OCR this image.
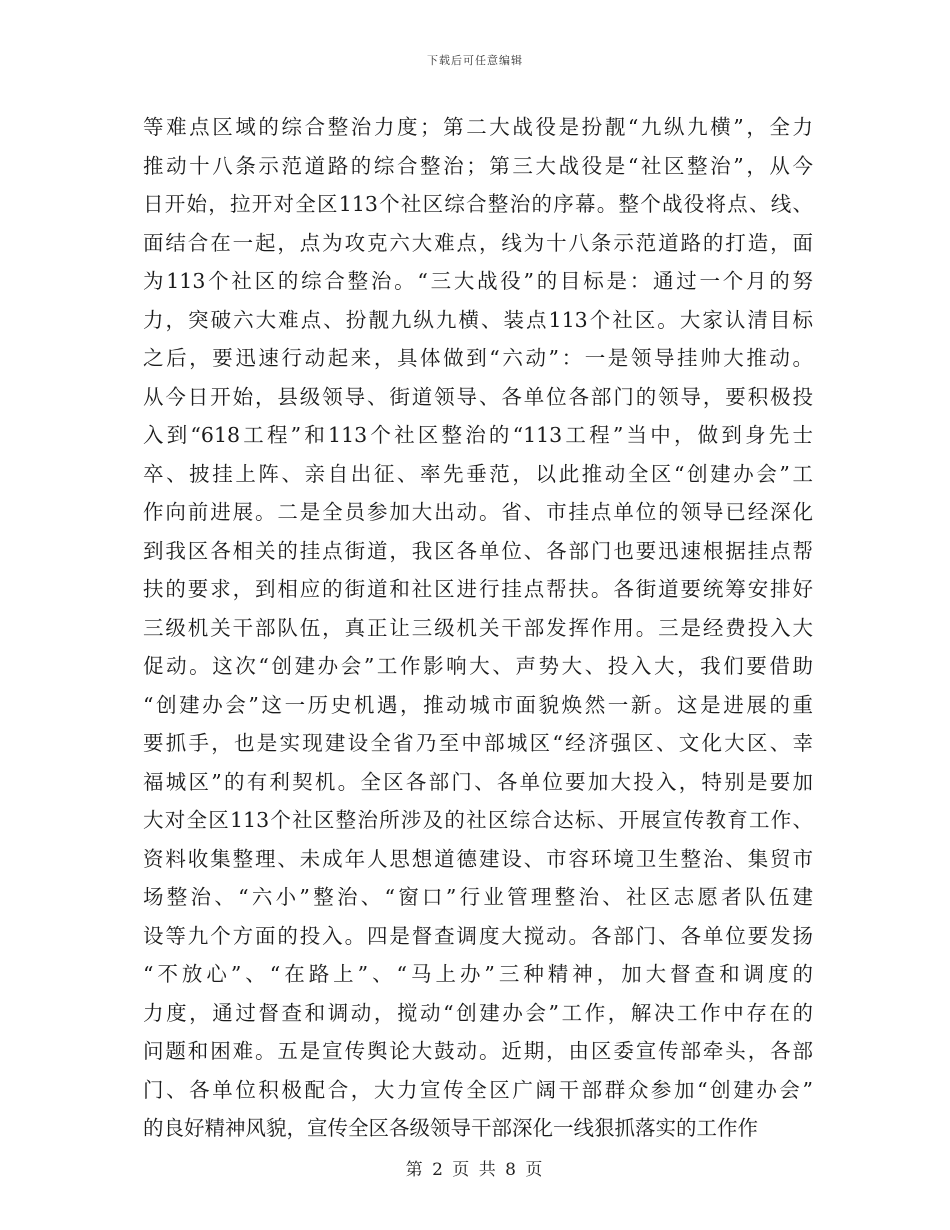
下载后可任意编辑
等难点区域的综合整治力度；第二大战役是扮靓“九纵九横”，全力
推动十八条示范道路的综合整治；第三大战役是“社区整治”，从今
日开始，拉开对全区113个社区综合整治的序幕。整个战役将点、线、
面结合在一起，点为攻克六大难点，线为十八条示范道路的打造，面
为113个社区的综合整治。“三大战役”的目标是：通过一个月的努
力，突破六大难点、扮靓九纵九横、装点113个社区。大家认清目标
之后，要迅速行动起来，具体做到“六动”：一是领导挂帅大推动。
从今日开始，县级领导、街道领导、各单位各部门的领导，要积极投
入到“618工程”和113个社区整治的“113工程”当中，做到身先士
卒、披挂上阵、亲自出征、率先垂范，以此推动全区“创建办会”工
作向前进展。二是全员参加大出动。省、市挂点单位的领导已经深化
到我区各相关的挂点街道，我区各单位、各部门也要迅速根据挂点帮
扶的要求，到相应的街道和社区进行挂点帮扶。各街道要统筹安排好
三级机关干部队伍，真正让三级机关干部发挥作用。三是经费投入大
促动。这次“创建办会”工作影响大、声势大、投入大，我们要借助
“创建办会”这一历史机遇，推动城市面貌焕然一新。这是进展的重
要抓手，也是实现建设全省乃至中部城区“经济强区、文化大区、幸
福城区”的有利契机。全区各部门、各单位要加大投入，特别是要加
大对全区113个社区整治所涉及的社区综合达标、开展宣传教育工作、
资料收集整理、未成年人思想道德建设、市容环境卫生整治、集贸市
场整治、“六小”整治、“窗口”行业管理整治、社区志愿者队伍建
设等九个方面的投入。四是督查调度大搅动。各部门、各单位要发扬
“不放心”、“在路上”、“马上办”三种精神，加大督查和调度的
力度，通过督查和调动，搅动“创建办会”工作，解决工作中存在的
问题和困难。五是宣传舆论大鼓动。近期，由区委宣传部牵头，各部
门、各单位积极配合，大力宣传全区广阔干部群众参加“创建办会”
的良好精神风貌，宣传全区各级领导干部深化一线狠抓落实的工作作
第 2 页 共 8 页
